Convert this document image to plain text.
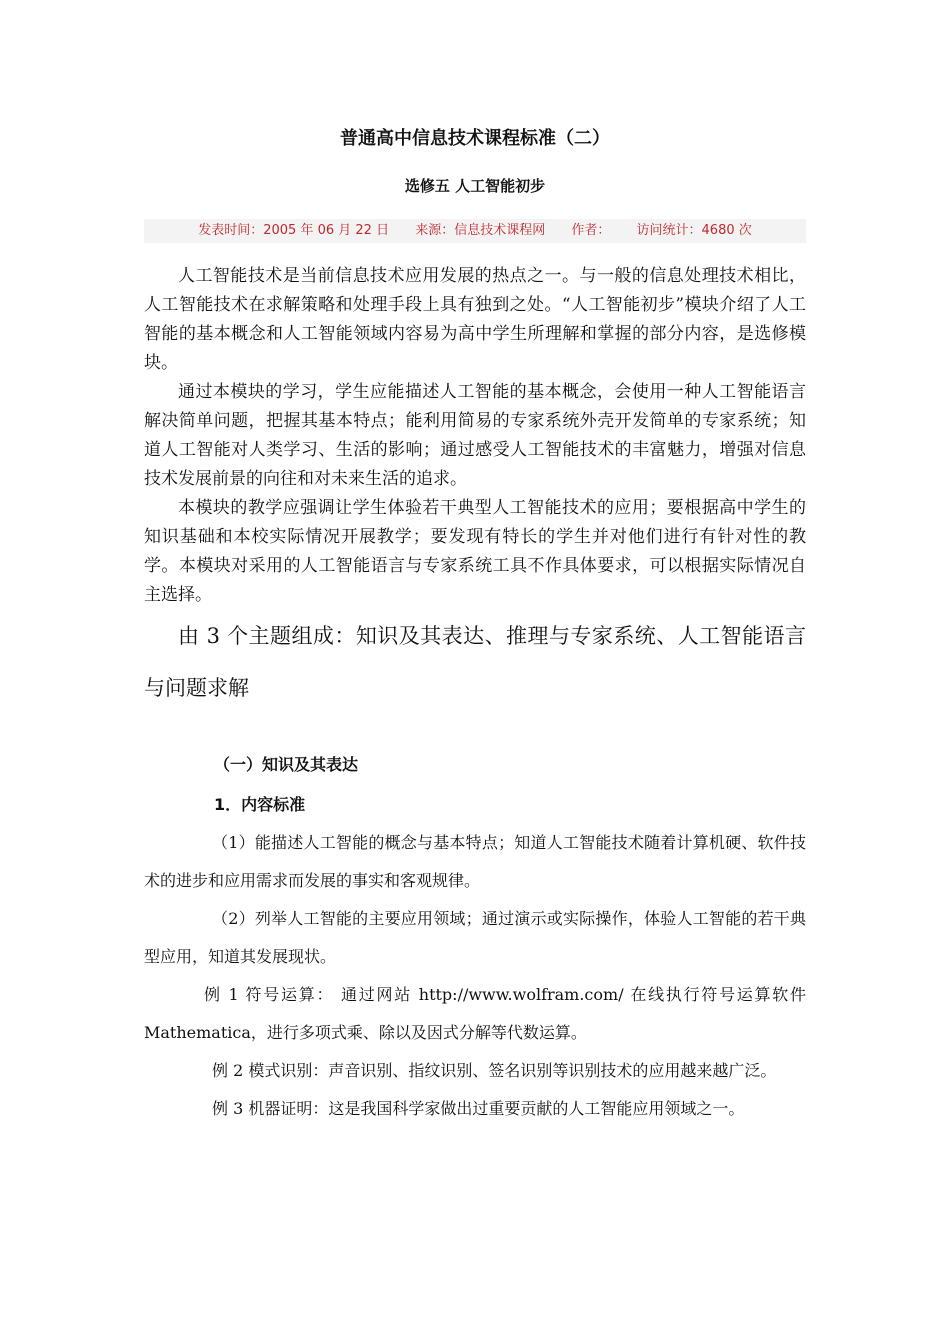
普通高中信息技术课程标准（二）
选修五 人工智能初步
发表时间：2005 年 06 月 22 日 来源：信息技术课程网 作者： 访问统计：4680 次

人工智能技术是当前信息技术应用发展的热点之一。与一般的信息处理技术相比，人工智能技术在求解策略和处理手段上具有独到之处。“人工智能初步”模块介绍了人工智能的基本概念和人工智能领域内容易为高中学生所理解和掌握的部分内容，是选修模块。

通过本模块的学习，学生应能描述人工智能的基本概念，会使用一种人工智能语言解决简单问题，把握其基本特点；能利用简易的专家系统外壳开发简单的专家系统；知道人工智能对人类学习、生活的影响；通过感受人工智能技术的丰富魅力，增强对信息技术发展前景的向往和对未来生活的追求。

本模块的教学应强调让学生体验若干典型人工智能技术的应用；要根据高中学生的知识基础和本校实际情况开展教学；要发现有特长的学生并对他们进行有针对性的教学。本模块对采用的人工智能语言与专家系统工具不作具体要求，可以根据实际情况自主选择。

由 3 个主题组成：知识及其表达、推理与专家系统、人工智能语言与问题求解

（一）知识及其表达
1．内容标准

（1）能描述人工智能的概念与基本特点；知道人工智能技术随着计算机硬、软件技术的进步和应用需求而发展的事实和客观规律。

（2）列举人工智能的主要应用领域；通过演示或实际操作，体验人工智能的若干典型应用，知道其发展现状。

例 1 符号运算： 通过网站 http://www.wolfram.com/ 在线执行符号运算软件 Mathematica，进行多项式乘、除以及因式分解等代数运算。

例 2 模式识别：声音识别、指纹识别、签名识别等识别技术的应用越来越广泛。

例 3 机器证明：这是我国科学家做出过重要贡献的人工智能应用领域之一。
